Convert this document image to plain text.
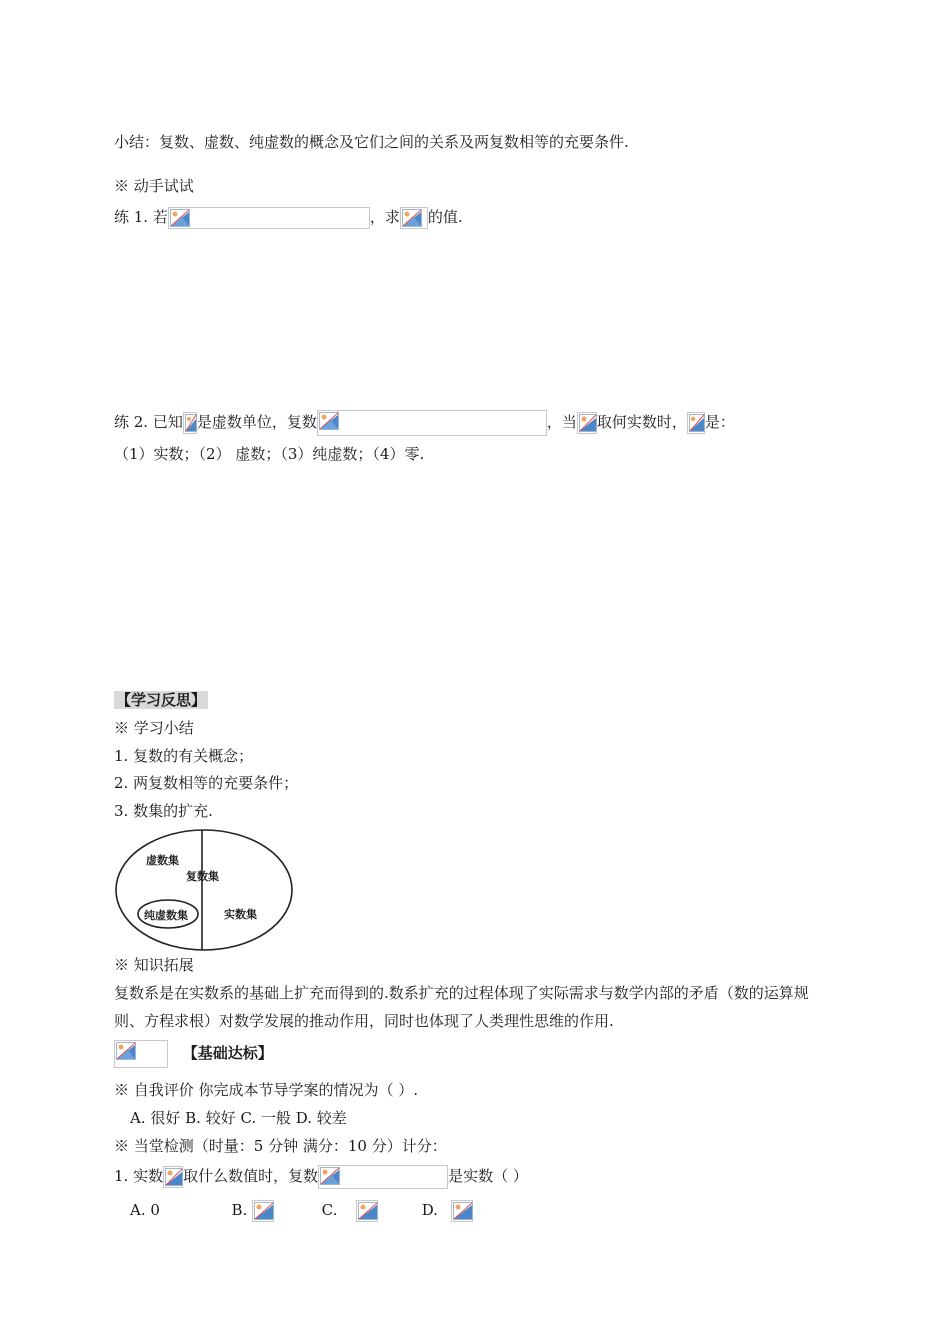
小结：复数、虚数、纯虚数的概念及它们之间的关系及两复数相等的充要条件.
※ 动手试试
练 1. 若	，求 的值.
练 2. 已知 是虚数单位，复数	，当 取何实数时， 是：
（1）实数；（2） 虚数；（3）纯虚数；（4）零.
【学习反思】
※ 学习小结
1. 复数的有关概念；
2. 两复数相等的充要条件；
3. 数集的扩充.
虚数集
复数集
纯虚数集	实数集
※ 知识拓展
复数系是在实数系的基础上扩充而得到的.数系扩充的过程体现了实际需求与数学内部的矛盾（数的运算规则、方程求根）对数学发展的推动作用，同时也体现了人类理性思维的作用.
【基础达标】
※ 自我评价 你完成本节导学案的情况为（ ）.
A. 很好 B. 较好 C. 一般 D. 较差
※ 当堂检测（时量：5 分钟 满分：10 分）计分：
1. 实数 取什么数值时，复数	是实数（ ）
A. 0	B.	C.	D.
